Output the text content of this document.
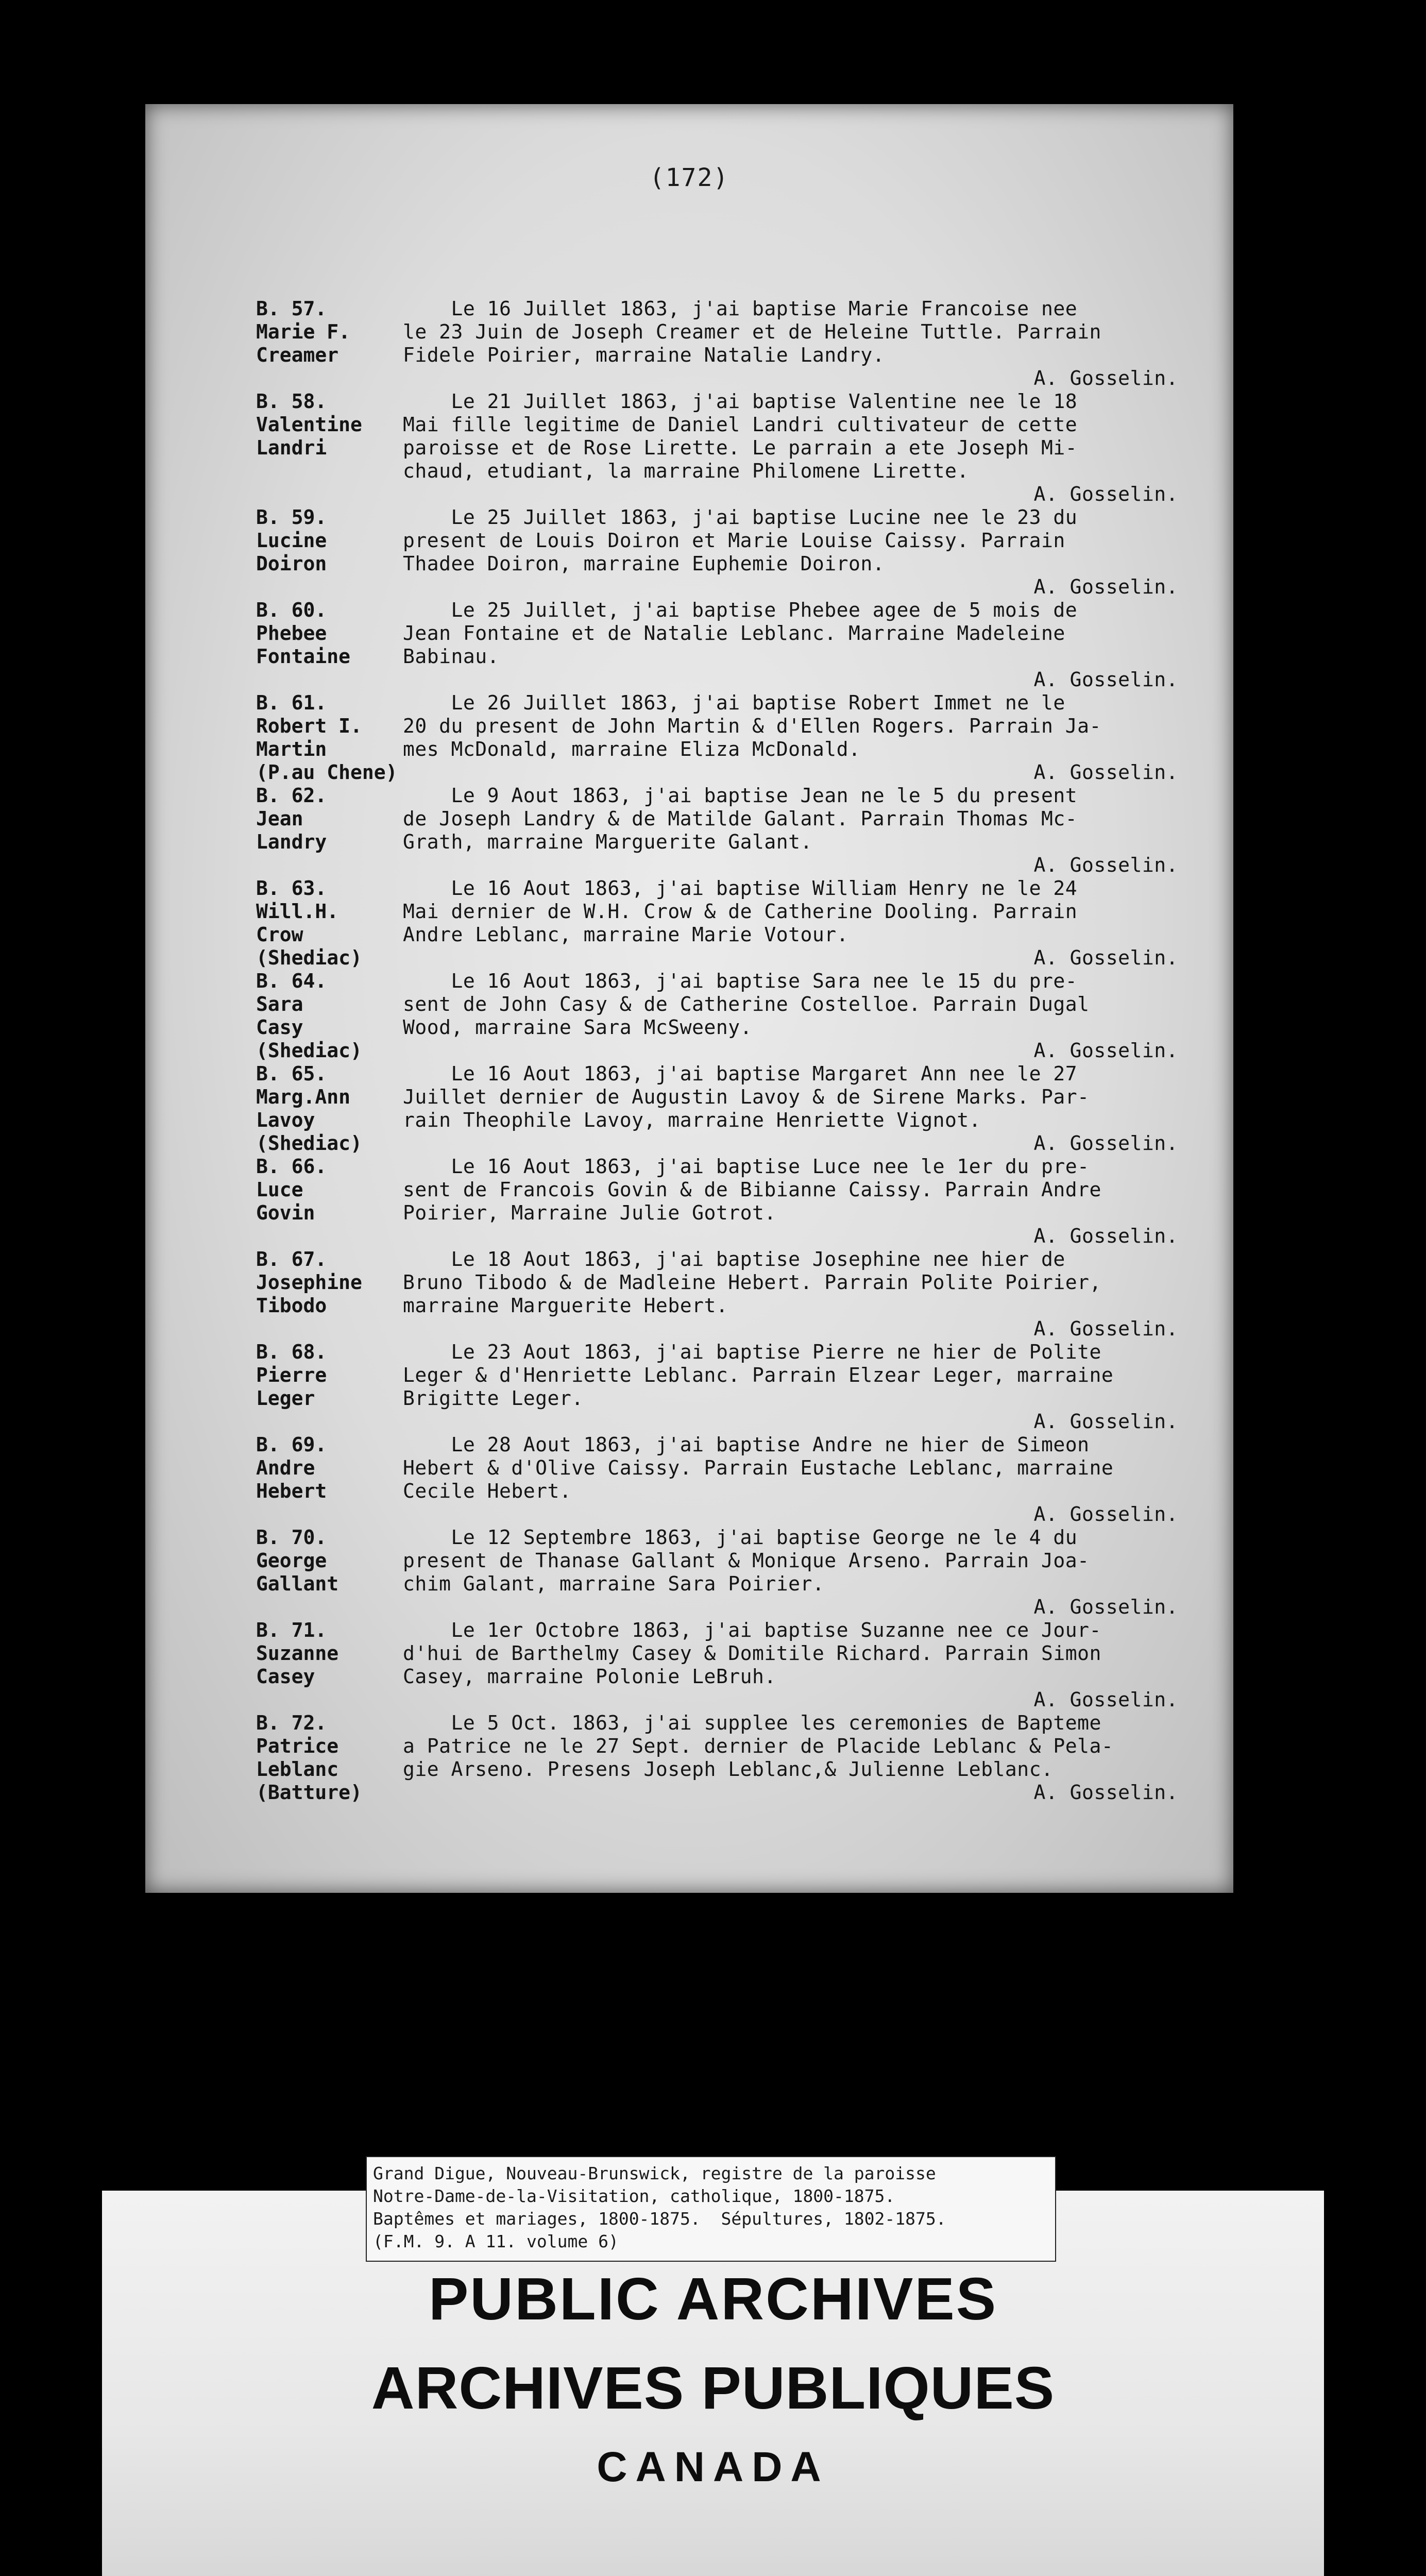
(172)
B. 57.
Marie F.
Creamer
Le 16 Juillet 1863, j'ai baptise Marie Francoise nee
le 23 Juin de Joseph Creamer et de Heleine Tuttle. Parrain
Fidele Poirier, marraine Natalie Landry.
A. Gosselin.
B. 58.
Valentine
Landri
Le 21 Juillet 1863, j'ai baptise Valentine nee le 18
Mai fille legitime de Daniel Landri cultivateur de cette
paroisse et de Rose Lirette. Le parrain a ete Joseph Mi-
chaud, etudiant, la marraine Philomene Lirette.
A. Gosselin.
B. 59.
Lucine
Doiron
Le 25 Juillet 1863, j'ai baptise Lucine nee le 23 du
present de Louis Doiron et Marie Louise Caissy. Parrain
Thadee Doiron, marraine Euphemie Doiron.
A. Gosselin.
B. 60.
Phebee
Fontaine
Le 25 Juillet, j'ai baptise Phebee agee de 5 mois de
Jean Fontaine et de Natalie Leblanc. Marraine Madeleine
Babinau.
A. Gosselin.
B. 61.
Robert I.
Martin
(P.au Chene)
Le 26 Juillet 1863, j'ai baptise Robert Immet ne le
20 du present de John Martin & d'Ellen Rogers. Parrain Ja-
mes McDonald, marraine Eliza McDonald.
A. Gosselin.
B. 62.
Jean
Landry
Le 9 Aout 1863, j'ai baptise Jean ne le 5 du present
de Joseph Landry & de Matilde Galant. Parrain Thomas Mc-
Grath, marraine Marguerite Galant.
A. Gosselin.
B. 63.
Will.H.
Crow
(Shediac)
Le 16 Aout 1863, j'ai baptise William Henry ne le 24
Mai dernier de W.H. Crow & de Catherine Dooling. Parrain
Andre Leblanc, marraine Marie Votour.
A. Gosselin.
B. 64.
Sara
Casy
(Shediac)
Le 16 Aout 1863, j'ai baptise Sara nee le 15 du pre-
sent de John Casy & de Catherine Costelloe. Parrain Dugal
Wood, marraine Sara McSweeny.
A. Gosselin.
B. 65.
Marg.Ann
Lavoy
(Shediac)
Le 16 Aout 1863, j'ai baptise Margaret Ann nee le 27
Juillet dernier de Augustin Lavoy & de Sirene Marks. Par-
rain Theophile Lavoy, marraine Henriette Vignot.
A. Gosselin.
B. 66.
Luce
Govin
Le 16 Aout 1863, j'ai baptise Luce nee le 1er du pre-
sent de Francois Govin & de Bibianne Caissy. Parrain Andre
Poirier, Marraine Julie Gotrot.
A. Gosselin.
B. 67.
Josephine
Tibodo
Le 18 Aout 1863, j'ai baptise Josephine nee hier de
Bruno Tibodo & de Madleine Hebert. Parrain Polite Poirier,
marraine Marguerite Hebert.
A. Gosselin.
B. 68.
Pierre
Leger
Le 23 Aout 1863, j'ai baptise Pierre ne hier de Polite
Leger & d'Henriette Leblanc. Parrain Elzear Leger, marraine
Brigitte Leger.
A. Gosselin.
B. 69.
Andre
Hebert
Le 28 Aout 1863, j'ai baptise Andre ne hier de Simeon
Hebert & d'Olive Caissy. Parrain Eustache Leblanc, marraine
Cecile Hebert.
A. Gosselin.
B. 70.
George
Gallant
Le 12 Septembre 1863, j'ai baptise George ne le 4 du
present de Thanase Gallant & Monique Arseno. Parrain Joa-
chim Galant, marraine Sara Poirier.
A. Gosselin.
B. 71.
Suzanne
Casey
Le 1er Octobre 1863, j'ai baptise Suzanne nee ce Jour-
d'hui de Barthelmy Casey & Domitile Richard. Parrain Simon
Casey, marraine Polonie LeBruh.
A. Gosselin.
B. 72.
Patrice
Leblanc
(Batture)
Le 5 Oct. 1863, j'ai supplee les ceremonies de Bapteme
a Patrice ne le 27 Sept. dernier de Placide Leblanc & Pela-
gie Arseno. Presens Joseph Leblanc,& Julienne Leblanc.
A. Gosselin.
Grand Digue, Nouveau-Brunswick, registre de la paroisse
Notre-Dame-de-la-Visitation, catholique, 1800-1875.
Baptêmes et mariages, 1800-1875.  Sépultures, 1802-1875.
(F.M. 9. A 11. volume 6)
PUBLIC ARCHIVES
ARCHIVES PUBLIQUES
CANADA
